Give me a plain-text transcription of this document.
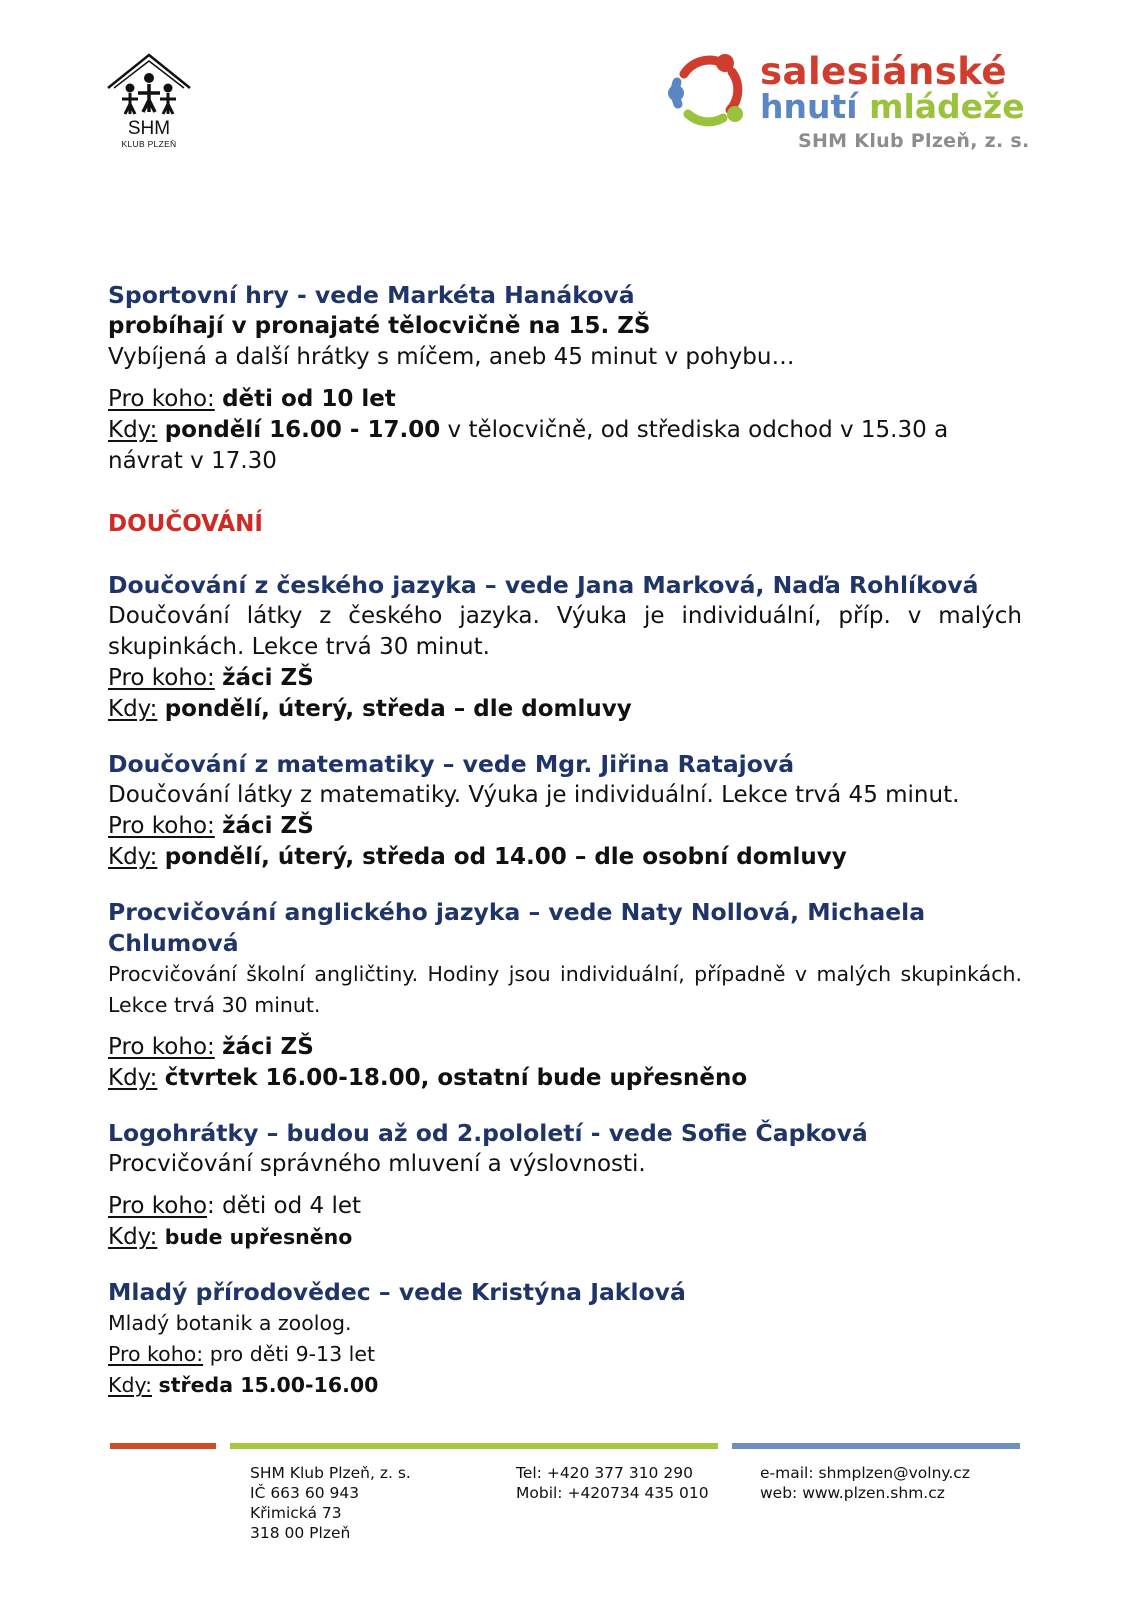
SHM
KLUB PLZEŇ
salesiánské
hnutí mládeže
SHM Klub Plzeň, z. s.
Sportovní hry - vede Markéta Hanáková
probíhají v pronajaté tělocvičně na 15. ZŠ
Vybíjená a další hrátky s míčem, aneb 45 minut v pohybu…
Pro koho: děti od 10 let
Kdy: pondělí 16.00 - 17.00 v tělocvičně, od střediska odchod v 15.30 a návrat v 17.30
DOUČOVÁNÍ
Doučování z českého jazyka – vede Jana Marková, Naďa Rohlíková
Doučování látky z českého jazyka. Výuka je individuální, příp. v malých skupinkách. Lekce trvá 30 minut.
Pro koho: žáci ZŠ
Kdy: pondělí, úterý, středa – dle domluvy
Doučování z matematiky – vede Mgr. Jiřina Ratajová
Doučování látky z matematiky. Výuka je individuální. Lekce trvá 45 minut.
Pro koho: žáci ZŠ
Kdy: pondělí, úterý, středa od 14.00 – dle osobní domluvy
Procvičování anglického jazyka – vede Naty Nollová, Michaela Chlumová
Procvičování školní angličtiny. Hodiny jsou individuální, případně v malých skupinkách. Lekce trvá 30 minut.
Pro koho: žáci ZŠ
Kdy: čtvrtek 16.00-18.00, ostatní bude upřesněno
Logohrátky – budou až od 2.pololetí - vede Sofie Čapková
Procvičování správného mluvení a výslovnosti.
Pro koho: děti od 4 let
Kdy: bude upřesněno
Mladý přírodovědec – vede Kristýna Jaklová
Mladý botanik a zoolog.
Pro koho: pro děti 9-13 let
Kdy: středa 15.00-16.00
SHM Klub Plzeň, z. s.
IČ 663 60 943
Křimická 73
318 00 Plzeň
Tel: +420 377 310 290
Mobil: +420734 435 010
e-mail: shmplzen@volny.cz
web: www.plzen.shm.cz
